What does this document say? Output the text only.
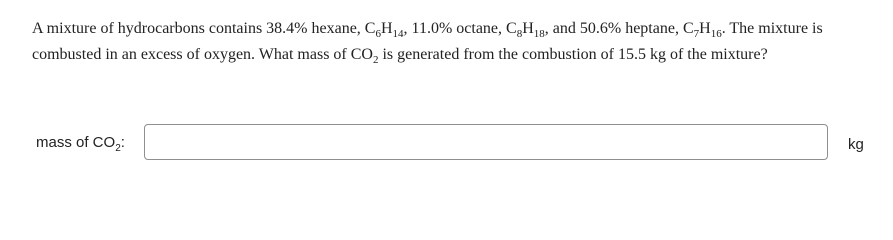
A mixture of hydrocarbons contains 38.4% hexane, $C_6H_{14}$, 11.0% octane, $C_8H_{18}$, and 50.6% heptane, $C_7H_{16}$. The mixture is combusted in an excess of oxygen. What mass of $CO_2$ is generated from the combustion of 15.5 kg of the mixture?

mass of $CO_2$:	kg
